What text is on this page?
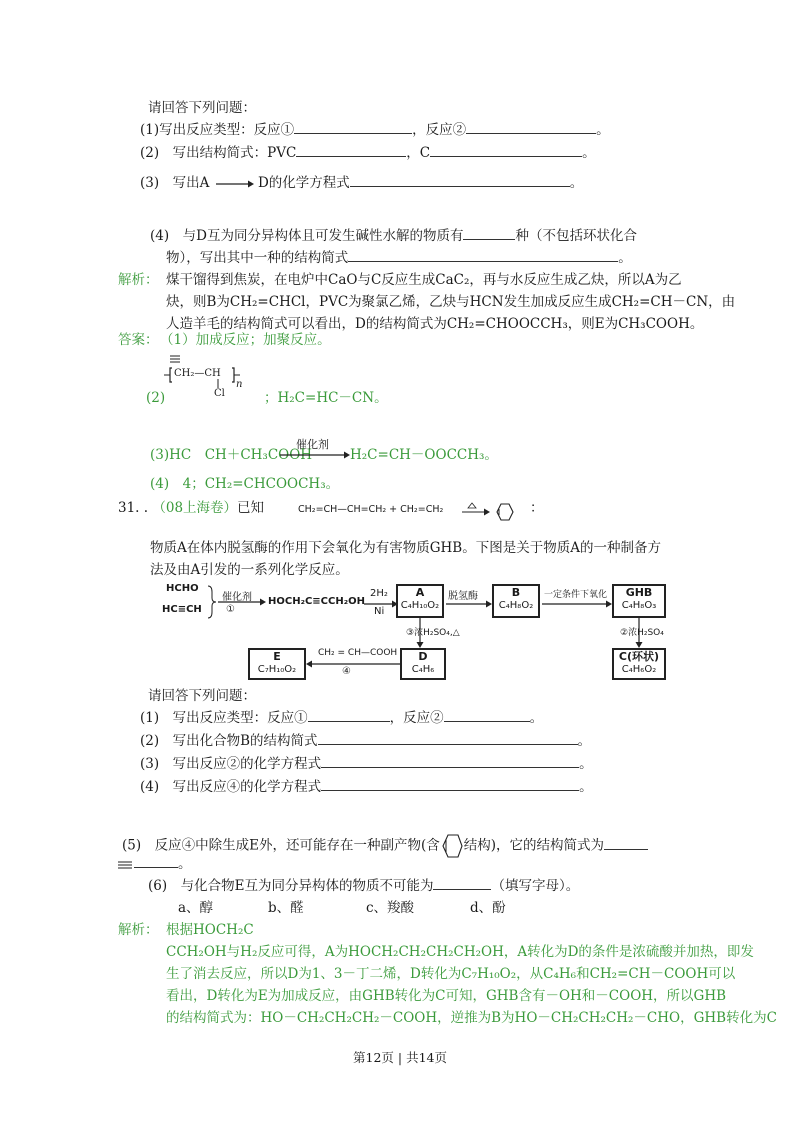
请回答下列问题：
(1)写出反应类型：反应①	，反应②	。
(2)　写出结构简式：PVC	，C	。
(3)　写出A → D的化学方程式	。
(4)　与D互为同分异构体且可发生碱性水解的物质有	种（不包括环状化合
物），写出其中一种的结构简式	。
解析： 煤干馏得到焦炭，在电炉中CaO与C反应生成CaC₂，再与水反应生成乙炔，所以A为乙
炔，则B为CH₂=CHCl，PVC为聚氯乙烯，乙炔与HCN发生加成反应生成CH₂=CH－CN，由
人造羊毛的结构简式可以看出，D的结构简式为CH₂=CHOOCCH₃，则E为CH₃COOH。
答案： （1）加成反应；加聚反应。
CH₂—CH
Cl
n
(2)	；H₂C=HC－CN。
(3)HC　CH＋CH₃COOH
催化剂
H₂C=CH－OOCCH₃。
(4)　4；CH₂=CHCOOCH₃。
31. . （08上海卷）已知	CH₂=CH—CH=CH₂ + CH₂=CH₂	：
物质A在体内脱氢酶的作用下会氧化为有害物质GHB。下图是关于物质A的一种制备方
法及由A引发的一系列化学反应。
HCHO
HC≡CH
催化剂
①
HOCH₂C≡CCH₂OH →
2H₂
Ni
A
C₄H₁₀O₂ →
脱氢酶	B
C₄H₈O₂
一定条件下氧化	GHB
C₄H₈O₃
③浓H₂SO₄,△	②浓H₂SO₄
D
C₄H₆
C(环状)
C₄H₆O₂
CH₂ = CH—COOH
④
E
C₇H₁₀O₂
请回答下列问题：
(1)　写出反应类型：反应①	，反应②	。
(2)　写出化合物B的结构简式	。
(3)　写出反应②的化学方程式	。
(4)　写出反应④的化学方程式	。
(5)　反应④中除生成E外，还可能存在一种副产物(含 结构)，它的结构简式为
。
(6)　与化合物E互为同分异构体的物质不可能为	（填写字母）。
a、醇	b、醛	c、羧酸	d、酚
解析： 根据HOCH₂C
CCH₂OH与H₂反应可得，A为HOCH₂CH₂CH₂CH₂OH，A转化为D的条件是浓硫酸并加热，即发
生了消去反应，所以D为1、3－丁二烯，D转化为C₇H₁₀O₂，从C₄H₆和CH₂=CH－COOH可以
看出，D转化为E为加成反应，由GHB转化为C可知，GHB含有－OH和－COOH，所以GHB
的结构简式为：HO－CH₂CH₂CH₂－COOH，逆推为B为HO－CH₂CH₂CH₂－CHO，GHB转化为C
第12页 | 共14页
